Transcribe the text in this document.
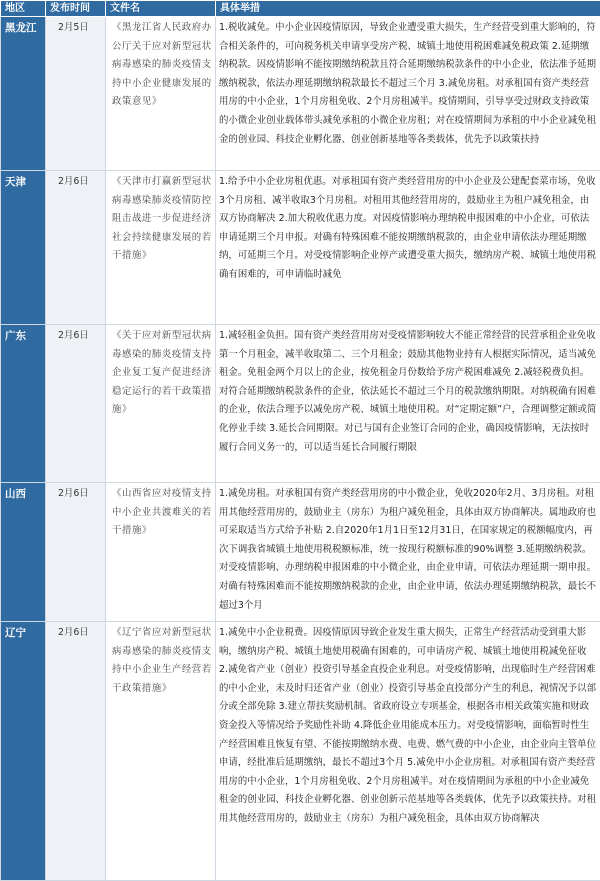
地区	发布时间	文件名	具体举措
黑龙江	2月5日	《黑龙江省人民政府办公厅关于应对新型冠状病毒感染的肺炎疫情支持中小企业健康发展的政策意见》	1.税收减免。中小企业因疫情原因，导致企业遭受重大损失，生产经营受到重大影响的，符合相关条件的，可向税务机关申请享受房产税、城镇土地使用税困难减免税政策 2.延期缴纳税款。因疫情影响不能按期缴纳税款且符合延期缴纳税款条件的中小企业，依法准予延期缴纳税款，依法办理延期缴纳税款最长不超过三个月 3.减免房租。对承租国有资产类经营用房的中小企业，1个月房租免收、2个月房租减半。疫情期间，引导享受过财政支持政策的小微企业创业载体带头减免承租的小微企业房租；对在疫情期间为承租的中小企业减免租金的创业园、科技企业孵化器、创业创新基地等各类载体，优先予以政策扶持
天津	2月6日	《天津市打赢新型冠状病毒感染肺炎疫情防控阻击战进一步促进经济社会持续健康发展的若干措施》	1.给予中小企业房租优惠。对承租国有资产类经营用房的中小企业及公建配套菜市场，免收3个月房租、减半收取3个月房租。对租用其他经营用房的，鼓励业主为租户减免租金，由双方协商解决 2.加大税收优惠力度。对因疫情影响办理纳税申报困难的中小企业，可依法申请延期三个月申报。对确有特殊困难不能按期缴纳税款的，由企业申请依法办理延期缴纳，可延期三个月。对受疫情影响企业停产或遭受重大损失，缴纳房产税、城镇土地使用税确有困难的，可申请临时减免
广东	2月6日	《关于应对新型冠状病毒感染的肺炎疫情支持企业复工复产促进经济稳定运行的若干政策措施》	1.减轻租金负担。国有资产类经营用房对受疫情影响较大不能正常经营的民营承租企业免收第一个月租金，减半收取第二、三个月租金；鼓励其他物业持有人根据实际情况，适当减免租金。免租金两个月以上的企业，按免租金月份数给予房产税困难减免 2.减轻税费负担。对符合延期缴纳税款条件的企业，依法延长不超过三个月的税款缴纳期限。对纳税确有困难的企业，依法合理予以减免房产税、城镇土地使用税。对“定期定额”户，合理调整定额或简化停业手续 3.延长合同期限。对已与国有企业签订合同的企业，确因疫情影响，无法按时履行合同义务一的，可以适当延长合同履行期限
山西	2月6日	《山西省应对疫情支持中小企业共渡难关的若干措施》	1.减免房租。对承租国有资产类经营用房的中小微企业，免收2020年2月、3月房租。对租用其他经营用房的，鼓励业主（房东）为租户减免租金，具体由双方协商解决。属地政府也可采取适当方式给予补贴 2.自2020年1月1日至12月31日，在国家规定的税额幅度内，再次下调我省城镇土地使用税税额标准，统一按现行税额标准的90%调整 3.延期缴纳税款。对受疫情影响、办理纳税申报困难的中小微企业，由企业申请，可依法办理延期一期申报。对确有特殊困难而不能按期缴纳税款的企业，由企业申请，依法办理延期缴纳税款，最长不超过3个月
辽宁	2月6日	《辽宁省应对新型冠状病毒感染的肺炎疫情支持中小企业生产经营若干政策措施》	1.减免中小企业税费。因疫情原因导致企业发生重大损失，正常生产经营活动受到重大影响，缴纳房产税、城镇土地使用税确有困难的，可申请房产税、城镇土地使用税减免征收 2.减免省产业（创业）投资引导基金直投企业利息。对受疫情影响，出现临时生产经营困难的中小企业，未及时归还省产业（创业）投资引导基金直投部分产生的利息，视情况予以部分或全部免除 3.建立帮扶奖励机制。省政府设立专项基金，根据各市相关政策实施和财政资金投入等情况给予奖励性补助 4.降低企业用能成本压力。对受疫情影响，面临暂时性生产经营困难且恢复有望、不能按期缴纳水费、电费、燃气费的中小企业，由企业向主管单位申请，经批准后延期缴纳，最长不超过3个月 5.减免中小企业房租。对承租国有资产类经营用房的中小企业，1个月房租免收、2个月房租减半。对在疫情期间为承租的中小企业减免租金的创业园、科技企业孵化器、创业创新示范基地等各类载体，优先予以政策扶持。对租用其他经营用房的，鼓励业主（房东）为租户减免租金，具体由双方协商解决
